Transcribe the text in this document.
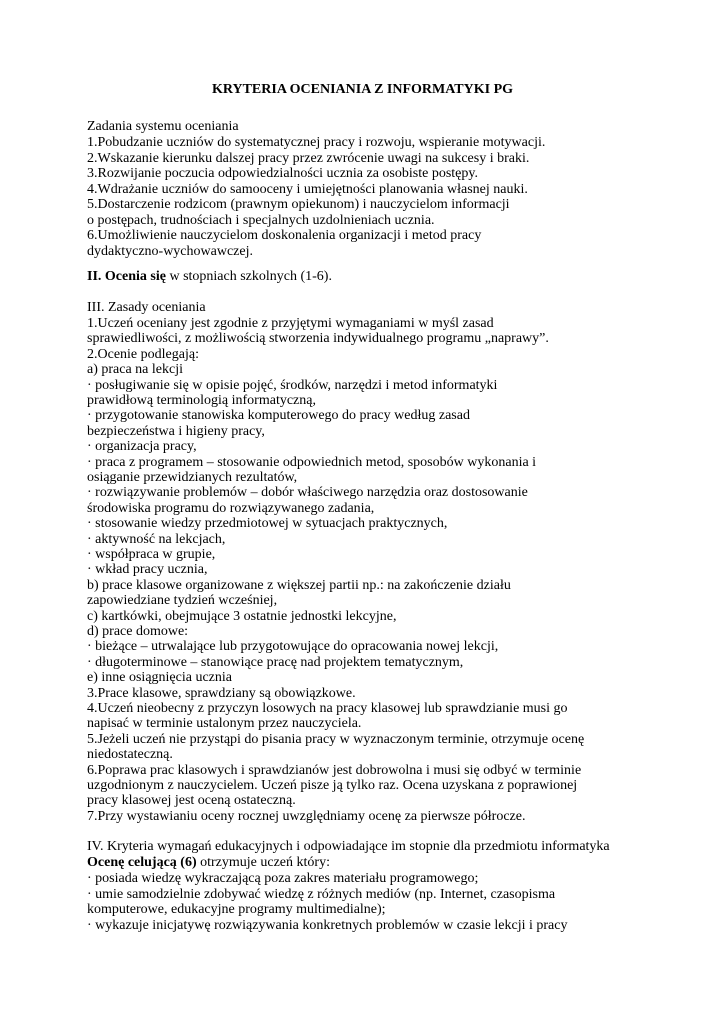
KRYTERIA OCENIANIA Z INFORMATYKI PG
Zadania systemu oceniania
1.Pobudzanie uczniów do systematycznej pracy i rozwoju, wspieranie motywacji.
2.Wskazanie kierunku dalszej pracy przez zwrócenie uwagi na sukcesy i braki.
3.Rozwijanie poczucia odpowiedzialności ucznia za osobiste postępy.
4.Wdrażanie uczniów do samooceny i umiejętności planowania własnej nauki.
5.Dostarczenie rodzicom (prawnym opiekunom) i nauczycielom informacji
o postępach, trudnościach i specjalnych uzdolnieniach ucznia.
6.Umożliwienie nauczycielom doskonalenia organizacji i metod pracy
dydaktyczno-wychowawczej.
II. Ocenia się w stopniach szkolnych (1-6).
III. Zasady oceniania
1.Uczeń oceniany jest zgodnie z przyjętymi wymaganiami w myśl zasad
sprawiedliwości, z możliwością stworzenia indywidualnego programu „naprawy”.
2.Ocenie podlegają:
a) praca na lekcji
· posługiwanie się w opisie pojęć, środków, narzędzi i metod informatyki
prawidłową terminologią informatyczną,
· przygotowanie stanowiska komputerowego do pracy według zasad
bezpieczeństwa i higieny pracy,
· organizacja pracy,
· praca z programem – stosowanie odpowiednich metod, sposobów wykonania i
osiąganie przewidzianych rezultatów,
· rozwiązywanie problemów – dobór właściwego narzędzia oraz dostosowanie
środowiska programu do rozwiązywanego zadania,
· stosowanie wiedzy przedmiotowej w sytuacjach praktycznych,
· aktywność na lekcjach,
· współpraca w grupie,
· wkład pracy ucznia,
b) prace klasowe organizowane z większej partii np.: na zakończenie działu
zapowiedziane tydzień wcześniej,
c) kartkówki, obejmujące 3 ostatnie jednostki lekcyjne,
d) prace domowe:
· bieżące – utrwalające lub przygotowujące do opracowania nowej lekcji,
· długoterminowe – stanowiące pracę nad projektem tematycznym,
e) inne osiągnięcia ucznia
3.Prace klasowe, sprawdziany są obowiązkowe.
4.Uczeń nieobecny z przyczyn losowych na pracy klasowej lub sprawdzianie musi go
napisać w terminie ustalonym przez nauczyciela.
5.Jeżeli uczeń nie przystąpi do pisania pracy w wyznaczonym terminie, otrzymuje ocenę
niedostateczną.
6.Poprawa prac klasowych i sprawdzianów jest dobrowolna i musi się odbyć w terminie
uzgodnionym z nauczycielem. Uczeń pisze ją tylko raz. Ocena uzyskana z poprawionej
pracy klasowej jest oceną ostateczną.
7.Przy wystawianiu oceny rocznej uwzględniamy ocenę za pierwsze półrocze.
IV. Kryteria wymagań edukacyjnych i odpowiadające im stopnie dla przedmiotu informatyka
Ocenę celującą (6) otrzymuje uczeń który:
· posiada wiedzę wykraczającą poza zakres materiału programowego;
· umie samodzielnie zdobywać wiedzę z różnych mediów (np. Internet, czasopisma
komputerowe, edukacyjne programy multimedialne);
· wykazuje inicjatywę rozwiązywania konkretnych problemów w czasie lekcji i pracy
